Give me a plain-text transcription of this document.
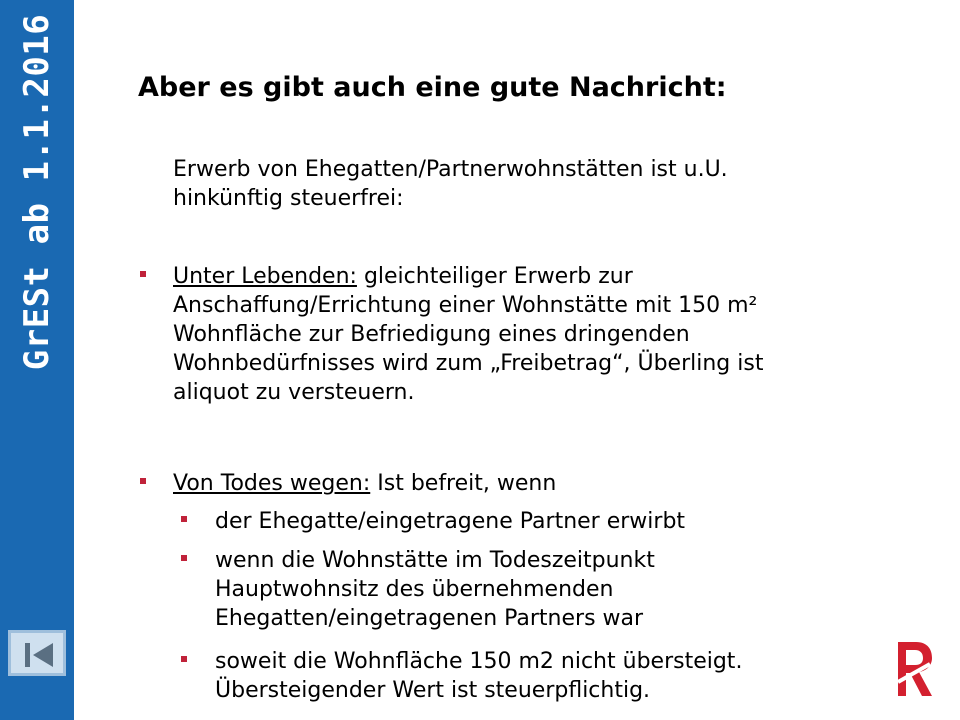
GrESt ab 1.1.2016	Aber es gibt auch eine gute Nachricht:
Erwerb von Ehegatten/Partnerwohnstätten ist u.U.
hinkünftig steuerfrei:
Unter Lebenden: gleichteiliger Erwerb zur
Anschaffung/Errichtung einer Wohnstätte mit 150 m²
Wohnfläche zur Befriedigung eines dringenden
Wohnbedürfnisses wird zum „Freibetrag“, Überling ist
aliquot zu versteuern.
Von Todes wegen: Ist befreit, wenn
der Ehegatte/eingetragene Partner erwirbt
wenn die Wohnstätte im Todeszeitpunkt
Hauptwohnsitz des übernehmenden
Ehegatten/eingetragenen Partners war
soweit die Wohnfläche 150 m2 nicht übersteigt.
Übersteigender Wert ist steuerpflichtig.
